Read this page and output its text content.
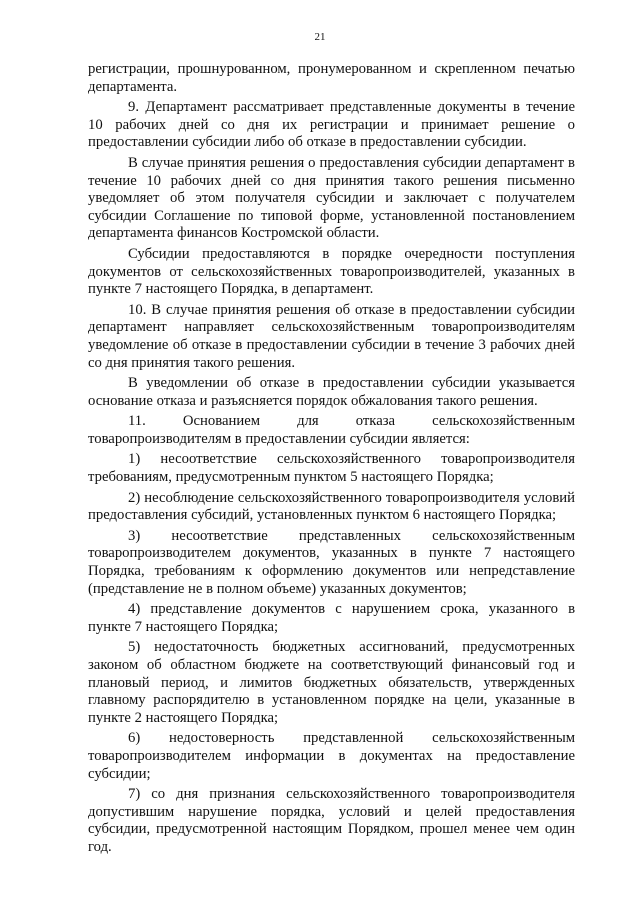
21

регистрации, прошнурованном, пронумерованном и скрепленном печатью департамента.

9. Департамент рассматривает представленные документы в течение 10 рабочих дней со дня их регистрации и принимает решение о предоставлении субсидии либо об отказе в предоставлении субсидии.

В случае принятия решения о предоставления субсидии департамент в течение 10 рабочих дней со дня принятия такого решения письменно уведомляет об этом получателя субсидии и заключает с получателем субсидии Соглашение по типовой форме, установленной постановлением департамента финансов Костромской области.

Субсидии предоставляются в порядке очередности поступления документов от сельскохозяйственных товаропроизводителей, указанных в пункте 7 настоящего Порядка, в департамент.

10. В случае принятия решения об отказе в предоставлении субсидии департамент направляет сельскохозяйственным товаропроизводителям уведомление об отказе в предоставлении субсидии в течение 3 рабочих дней со дня принятия такого решения.

В уведомлении об отказе в предоставлении субсидии указывается основание отказа и разъясняется порядок обжалования такого решения.

11. Основанием для отказа сельскохозяйственным товаропроизводителям в предоставлении субсидии является:

1) несоответствие сельскохозяйственного товаропроизводителя требованиям, предусмотренным пунктом 5 настоящего Порядка;

2) несоблюдение сельскохозяйственного товаропроизводителя условий предоставления субсидий, установленных пунктом 6 настоящего Порядка;

3) несоответствие представленных сельскохозяйственным товаропроизводителем документов, указанных в пункте 7 настоящего Порядка, требованиям к оформлению документов или непредставление (представление не в полном объеме) указанных документов;

4) представление документов с нарушением срока, указанного в пункте 7 настоящего Порядка;

5) недостаточность бюджетных ассигнований, предусмотренных законом об областном бюджете на соответствующий финансовый год и плановый период, и лимитов бюджетных обязательств, утвержденных главному распорядителю в установленном порядке на цели, указанные в пункте 2 настоящего Порядка;

6) недостоверность представленной сельскохозяйственным товаропроизводителем информации в документах на предоставление субсидии;

7) со дня признания сельскохозяйственного товаропроизводителя допустившим нарушение порядка, условий и целей предоставления субсидии, предусмотренной настоящим Порядком, прошел менее чем один год.
